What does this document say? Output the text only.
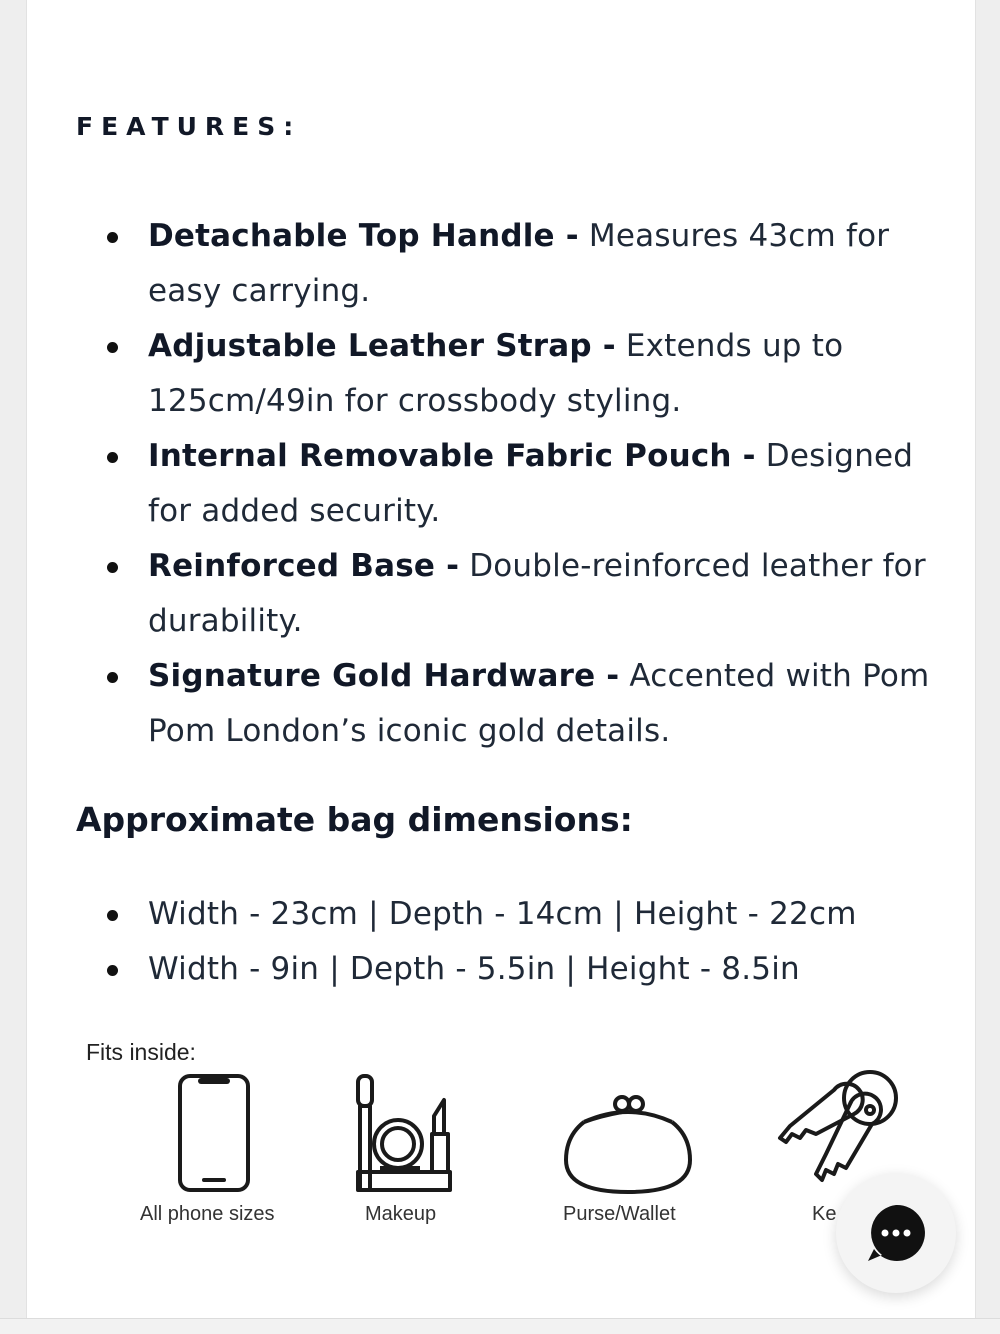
FEATURES:
Detachable Top Handle - Measures 43cm for easy carrying.
Adjustable Leather Strap - Extends up to 125cm/49in for crossbody styling.
Internal Removable Fabric Pouch - Designed for added security.
Reinforced Base - Double-reinforced leather for durability.
Signature Gold Hardware - Accented with Pom Pom London’s iconic gold details.
Approximate bag dimensions:
Width - 23cm | Depth - 14cm | Height - 22cm
Width - 9in | Depth - 5.5in | Height - 8.5in
Fits inside:
All phone sizes	Makeup	Purse/Wallet	Ke
